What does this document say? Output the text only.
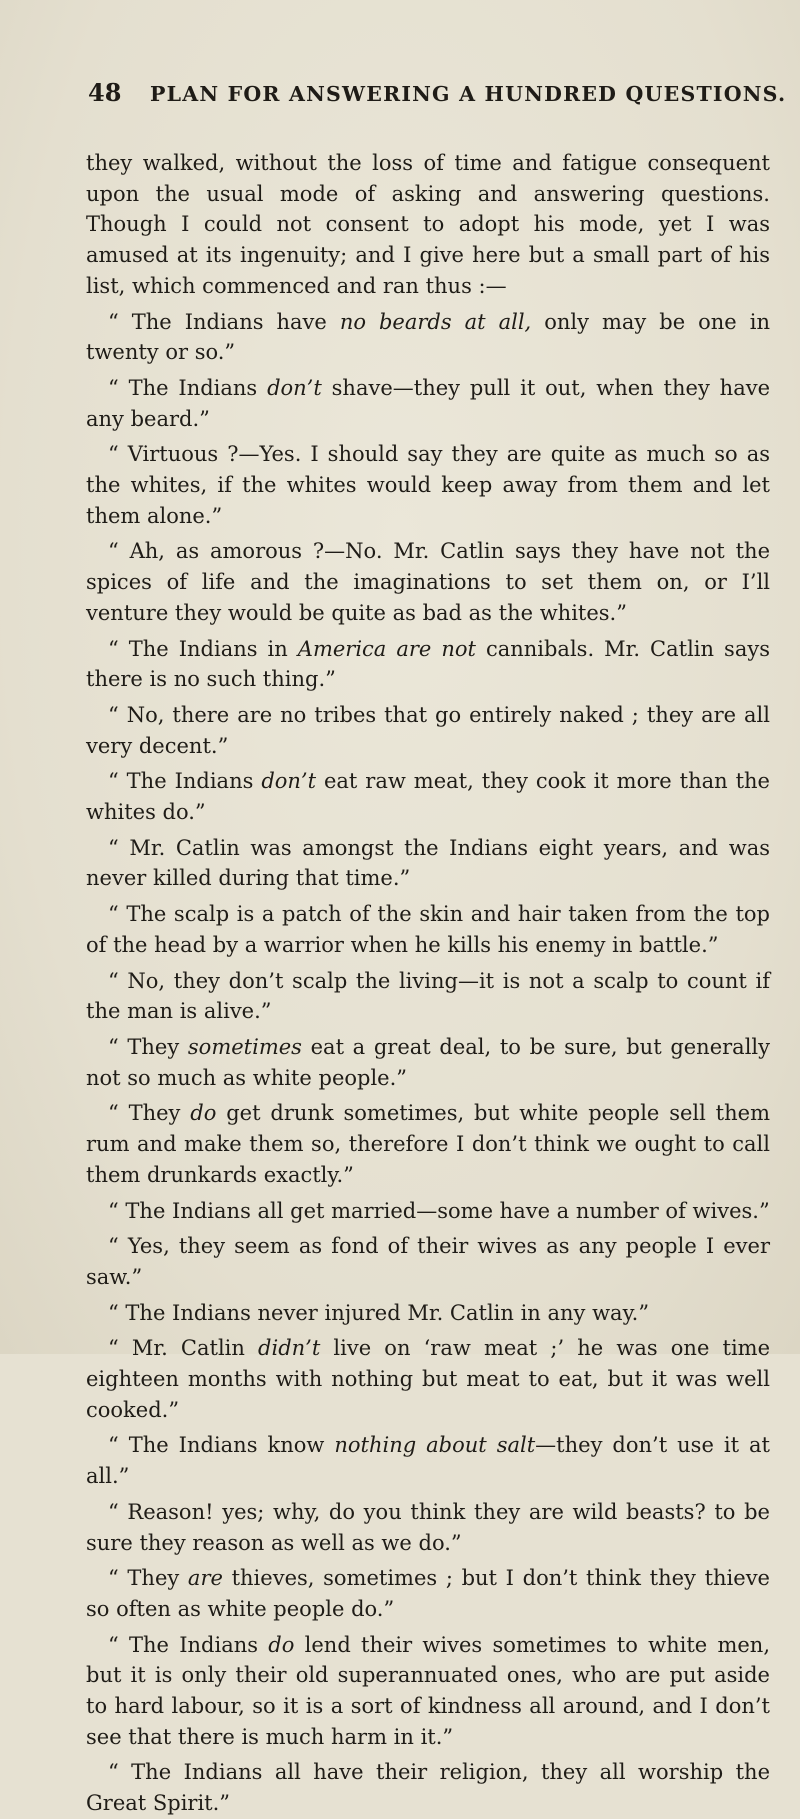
48 PLAN FOR ANSWERING A HUNDRED QUESTIONS.

they walked, without the loss of time and fatigue consequent upon the usual mode of asking and answering questions. Though I could not consent to adopt his mode, yet I was amused at its ingenuity; and I give here but a small part of his list, which commenced and ran thus :—

“ The Indians have no beards at all, only may be one in twenty or so.”

“ The Indians don’t shave—they pull it out, when they have any beard.”

“ Virtuous ?—Yes. I should say they are quite as much so as the whites, if the whites would keep away from them and let them alone.”

“ Ah, as amorous ?—No. Mr. Catlin says they have not the spices of life and the imaginations to set them on, or I’ll venture they would be quite as bad as the whites.”

“ The Indians in America are not cannibals. Mr. Catlin says there is no such thing.”

“ No, there are no tribes that go entirely naked ; they are all very decent.”

“ The Indians don’t eat raw meat, they cook it more than the whites do.”

“ Mr. Catlin was amongst the Indians eight years, and was never killed during that time.”

“ The scalp is a patch of the skin and hair taken from the top of the head by a warrior when he kills his enemy in battle.”

“ No, they don’t scalp the living—it is not a scalp to count if the man is alive.”

“ They sometimes eat a great deal, to be sure, but generally not so much as white people.”

“ They do get drunk sometimes, but white people sell them rum and make them so, therefore I don’t think we ought to call them drunkards exactly.”

“ The Indians all get married—some have a number of wives.”

“ Yes, they seem as fond of their wives as any people I ever saw.”

“ The Indians never injured Mr. Catlin in any way.”

“ Mr. Catlin didn’t live on ‘raw meat ;’ he was one time eighteen months with nothing but meat to eat, but it was well cooked.”

“ The Indians know nothing about salt—they don’t use it at all.”

“ Reason! yes; why, do you think they are wild beasts? to be sure they reason as well as we do.”

“ They are thieves, sometimes ; but I don’t think they thieve so often as white people do.”

“ The Indians do lend their wives sometimes to white men, but it is only their old superannuated ones, who are put aside to hard labour, so it is a sort of kindness all around, and I don’t see that there is much harm in it.”

“ The Indians all have their religion, they all worship the Great Spirit.”
